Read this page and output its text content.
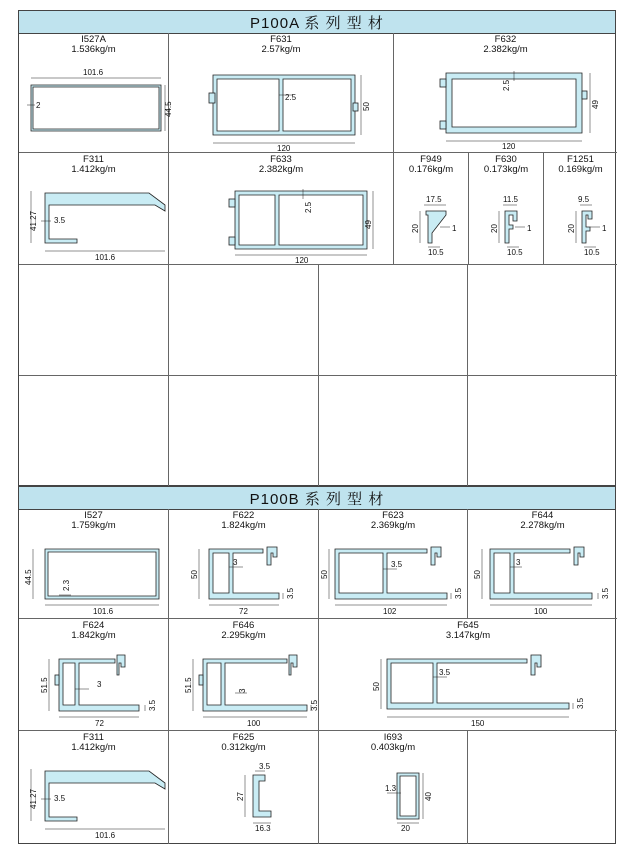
P100A 系 列 型 材
I527A
1.536kg/m
101.6
44.5
2
F631
2.57kg/m
2.5
50
120
F632
2.382kg/m
2.5
49
120
F311
1.412kg/m
41.27 3.5
101.6
F633
2.382kg/m
2.5
49
120
F949
0.176kg/m
17.5
20	1
10.5
F630
0.173kg/m
11.5
20	1
10.5
F1251
0.169kg/m
9.5
20	1
10.5
P100B 系 列 型 材
I527
1.759kg/m
44.5
2.3
101.6
F622
1.824kg/m
3
50
3.5
72
F623
2.369kg/m
3.5
50
3.5
102
F644
2.278kg/m
3
50
3.5
100
F624
1.842kg/m
3
51.5
3.5
72
F646
2.295kg/m
3
51.5
3.5
100
F645
3.147kg/m
3.5
50
3.5
150
F311
1.412kg/m
41.27 3.5
101.6
F625
0.312kg/m
3.5
27
16.3
I693
0.403kg/m
1.3
40
20
